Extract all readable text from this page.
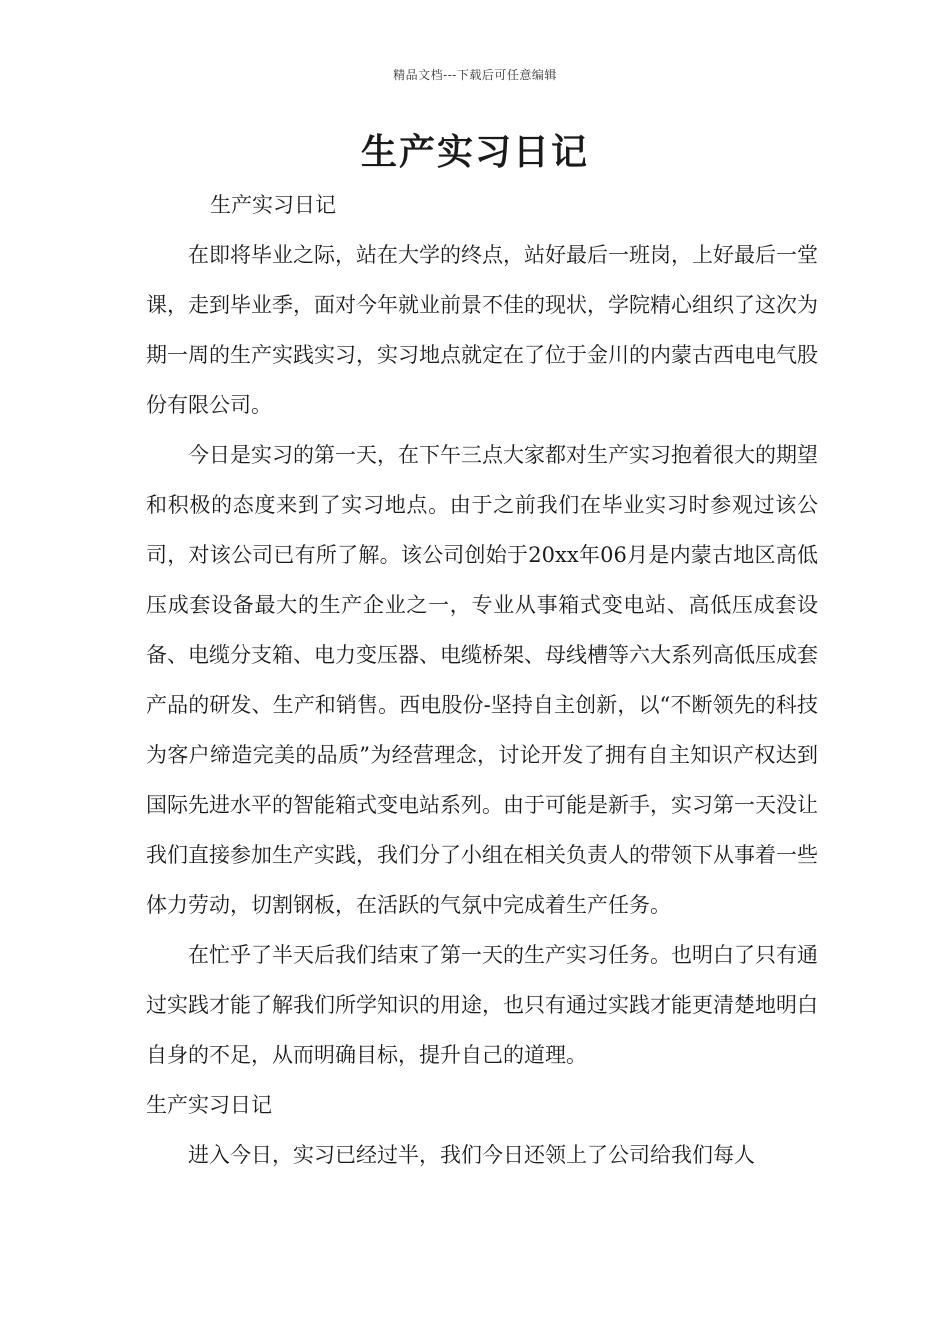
精品文档---下载后可任意编辑
生产实习日记

生产实习日记

在即将毕业之际，站在大学的终点，站好最后一班岗，上好最后一堂课，走到毕业季，面对今年就业前景不佳的现状，学院精心组织了这次为期一周的生产实践实习，实习地点就定在了位于金川的内蒙古西电电气股份有限公司。

今日是实习的第一天，在下午三点大家都对生产实习抱着很大的期望和积极的态度来到了实习地点。由于之前我们在毕业实习时参观过该公司，对该公司已有所了解。该公司创始于20xx年06月是内蒙古地区高低压成套设备最大的生产企业之一，专业从事箱式变电站、高低压成套设备、电缆分支箱、电力变压器、电缆桥架、母线槽等六大系列高低压成套产品的研发、生产和销售。西电股份-坚持自主创新，以“不断领先的科技为客户缔造完美的品质”为经营理念，讨论开发了拥有自主知识产权达到国际先进水平的智能箱式变电站系列。由于可能是新手，实习第一天没让我们直接参加生产实践，我们分了小组在相关负责人的带领下从事着一些体力劳动，切割钢板，在活跃的气氛中完成着生产任务。

在忙乎了半天后我们结束了第一天的生产实习任务。也明白了只有通过实践才能了解我们所学知识的用途，也只有通过实践才能更清楚地明白自身的不足，从而明确目标，提升自己的道理。

生产实习日记

进入今日，实习已经过半，我们今日还领上了公司给我们每人
